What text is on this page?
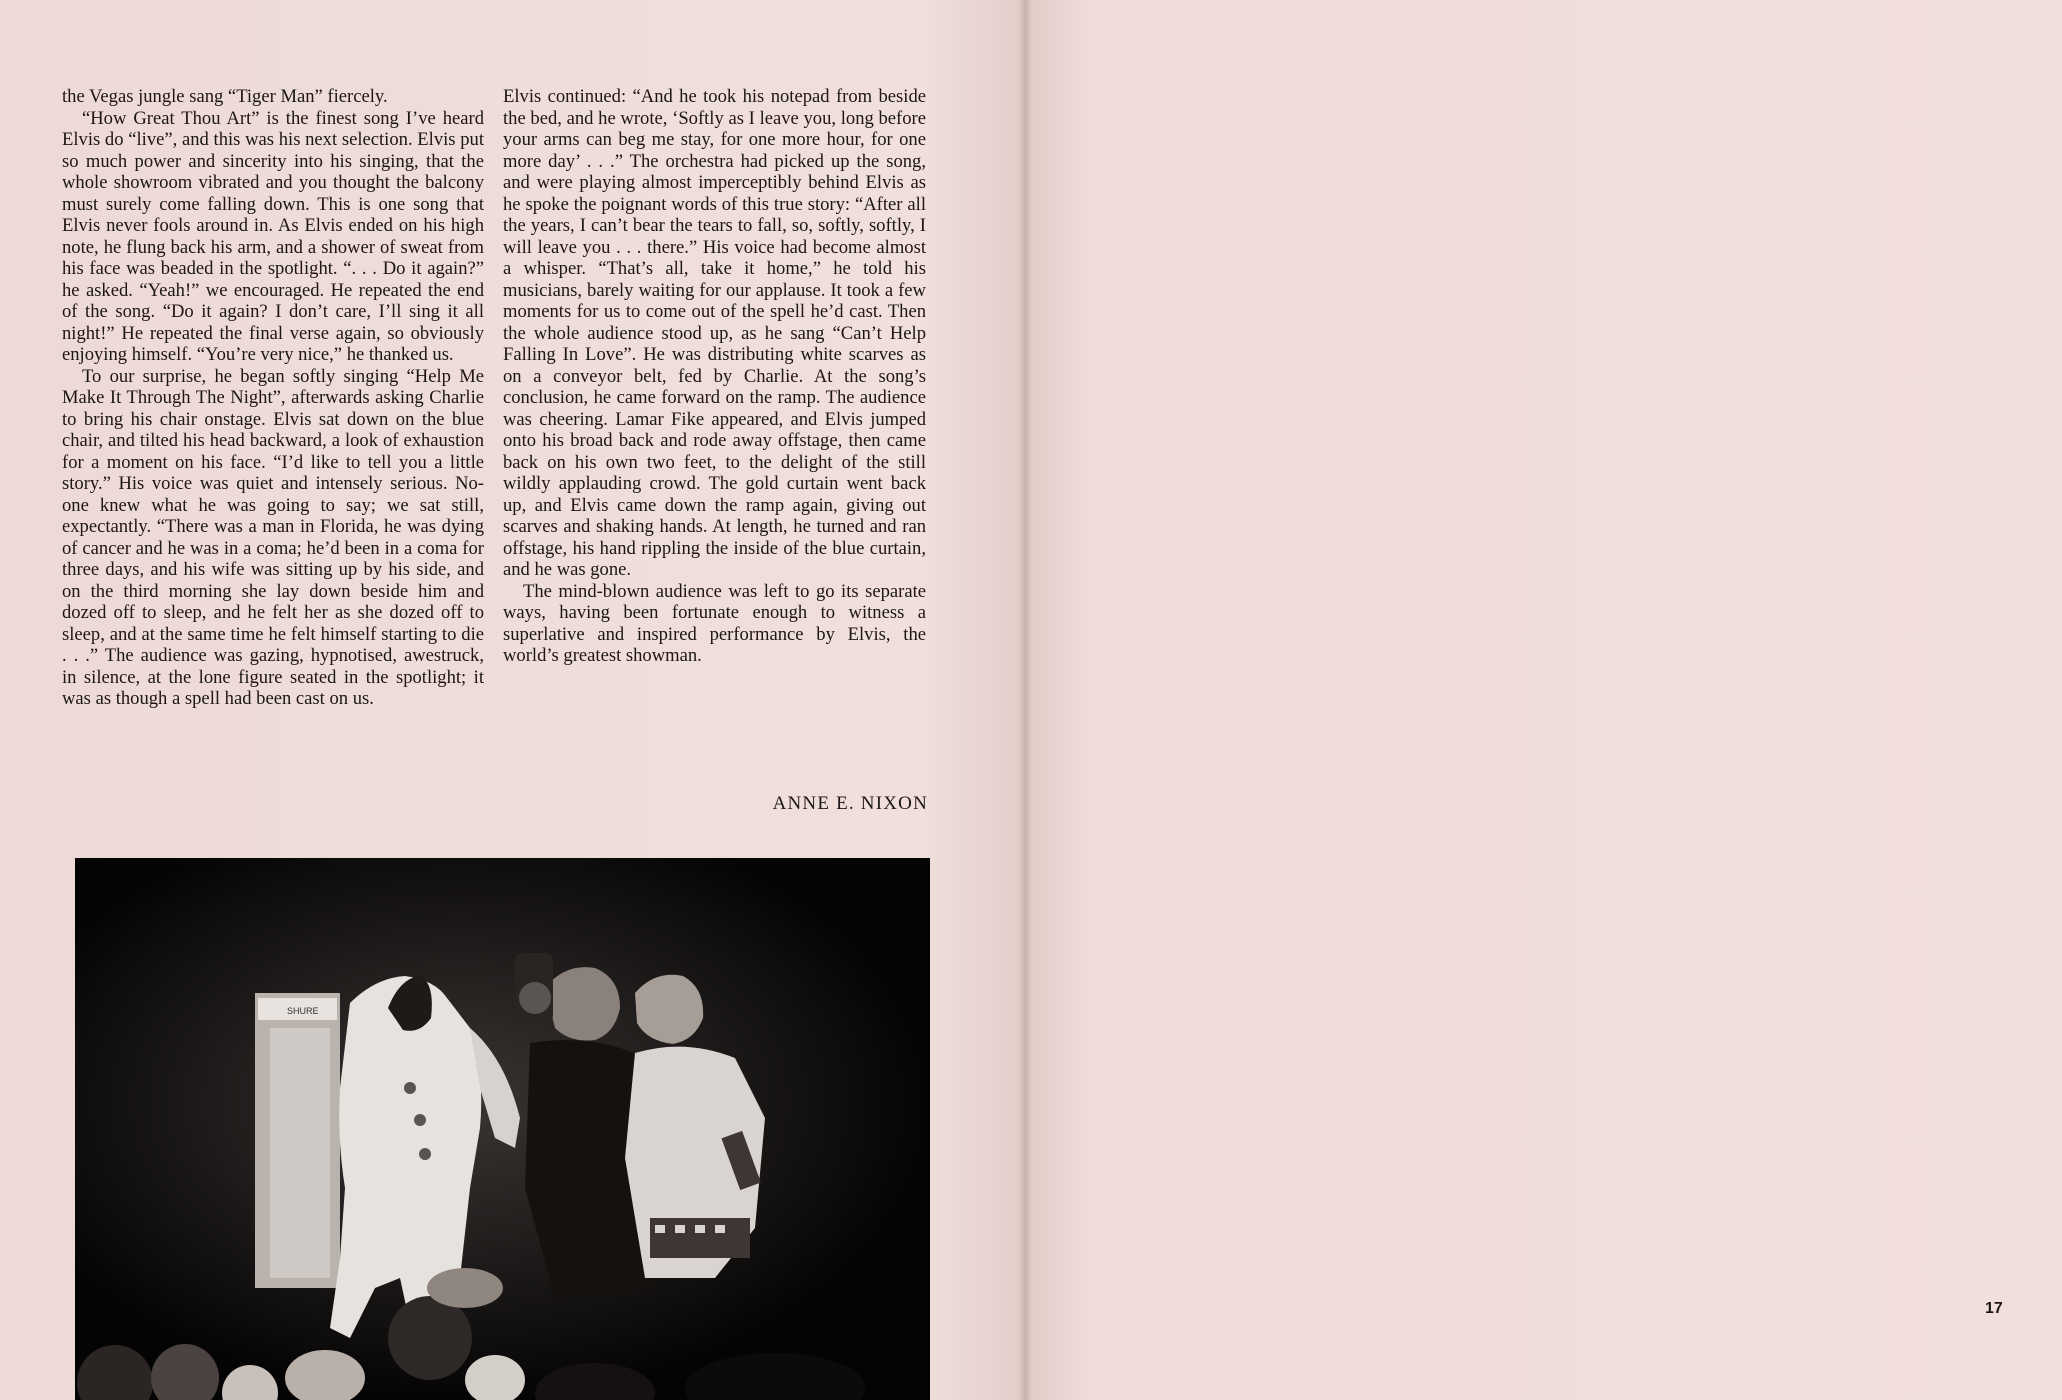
the Vegas jungle sang “Tiger Man” fiercely.

“How Great Thou Art” is the finest song I’ve heard Elvis do “live”, and this was his next selection. Elvis put so much power and sincerity into his singing, that the whole showroom vibrated and you thought the balcony must surely come falling down. This is one song that Elvis never fools around in. As Elvis ended on his high note, he flung back his arm, and a shower of sweat from his face was beaded in the spotlight. “. . . Do it again?” he asked. “Yeah!” we encouraged. He repeated the end of the song. “Do it again? I don’t care, I’ll sing it all night!” He repeated the final verse again, so obviously enjoying himself. “You’re very nice,” he thanked us.

To our surprise, he began softly singing “Help Me Make It Through The Night”, afterwards asking Charlie to bring his chair onstage. Elvis sat down on the blue chair, and tilted his head backward, a look of exhaustion for a moment on his face. “I’d like to tell you a little story.” His voice was quiet and intensely serious. No-one knew what he was going to say; we sat still, expectantly. “There was a man in Florida, he was dying of cancer and he was in a coma; he’d been in a coma for three days, and his wife was sitting up by his side, and on the third morning she lay down beside him and dozed off to sleep, and he felt her as she dozed off to sleep, and at the same time he felt himself starting to die . . .” The audience was gazing, hypnotised, awestruck, in silence, at the lone figure seated in the spotlight; it was as though a spell had been cast on us.

Elvis continued: “And he took his notepad from beside the bed, and he wrote, ‘Softly as I leave you, long before your arms can beg me stay, for one more hour, for one more day’ . . .” The orchestra had picked up the song, and were playing almost imperceptibly behind Elvis as he spoke the poignant words of this true story: “After all the years, I can’t bear the tears to fall, so, softly, softly, I will leave you . . . there.” His voice had become almost a whisper. “That’s all, take it home,” he told his musicians, barely waiting for our applause. It took a few moments for us to come out of the spell he’d cast. Then the whole audience stood up, as he sang “Can’t Help Falling In Love”. He was distributing white scarves as on a conveyor belt, fed by Charlie. At the song’s conclusion, he came forward on the ramp. The audience was cheering. Lamar Fike appeared, and Elvis jumped onto his broad back and rode away offstage, then came back on his own two feet, to the delight of the still wildly applauding crowd. The gold curtain went back up, and Elvis came down the ramp again, giving out scarves and shaking hands. At length, he turned and ran offstage, his hand rippling the inside of the blue curtain, and he was gone.

The mind-blown audience was left to go its separate ways, having been fortunate enough to witness a superlative and inspired performance by Elvis, the world’s greatest showman.

ANNE E. NIXON
SHURE
17
